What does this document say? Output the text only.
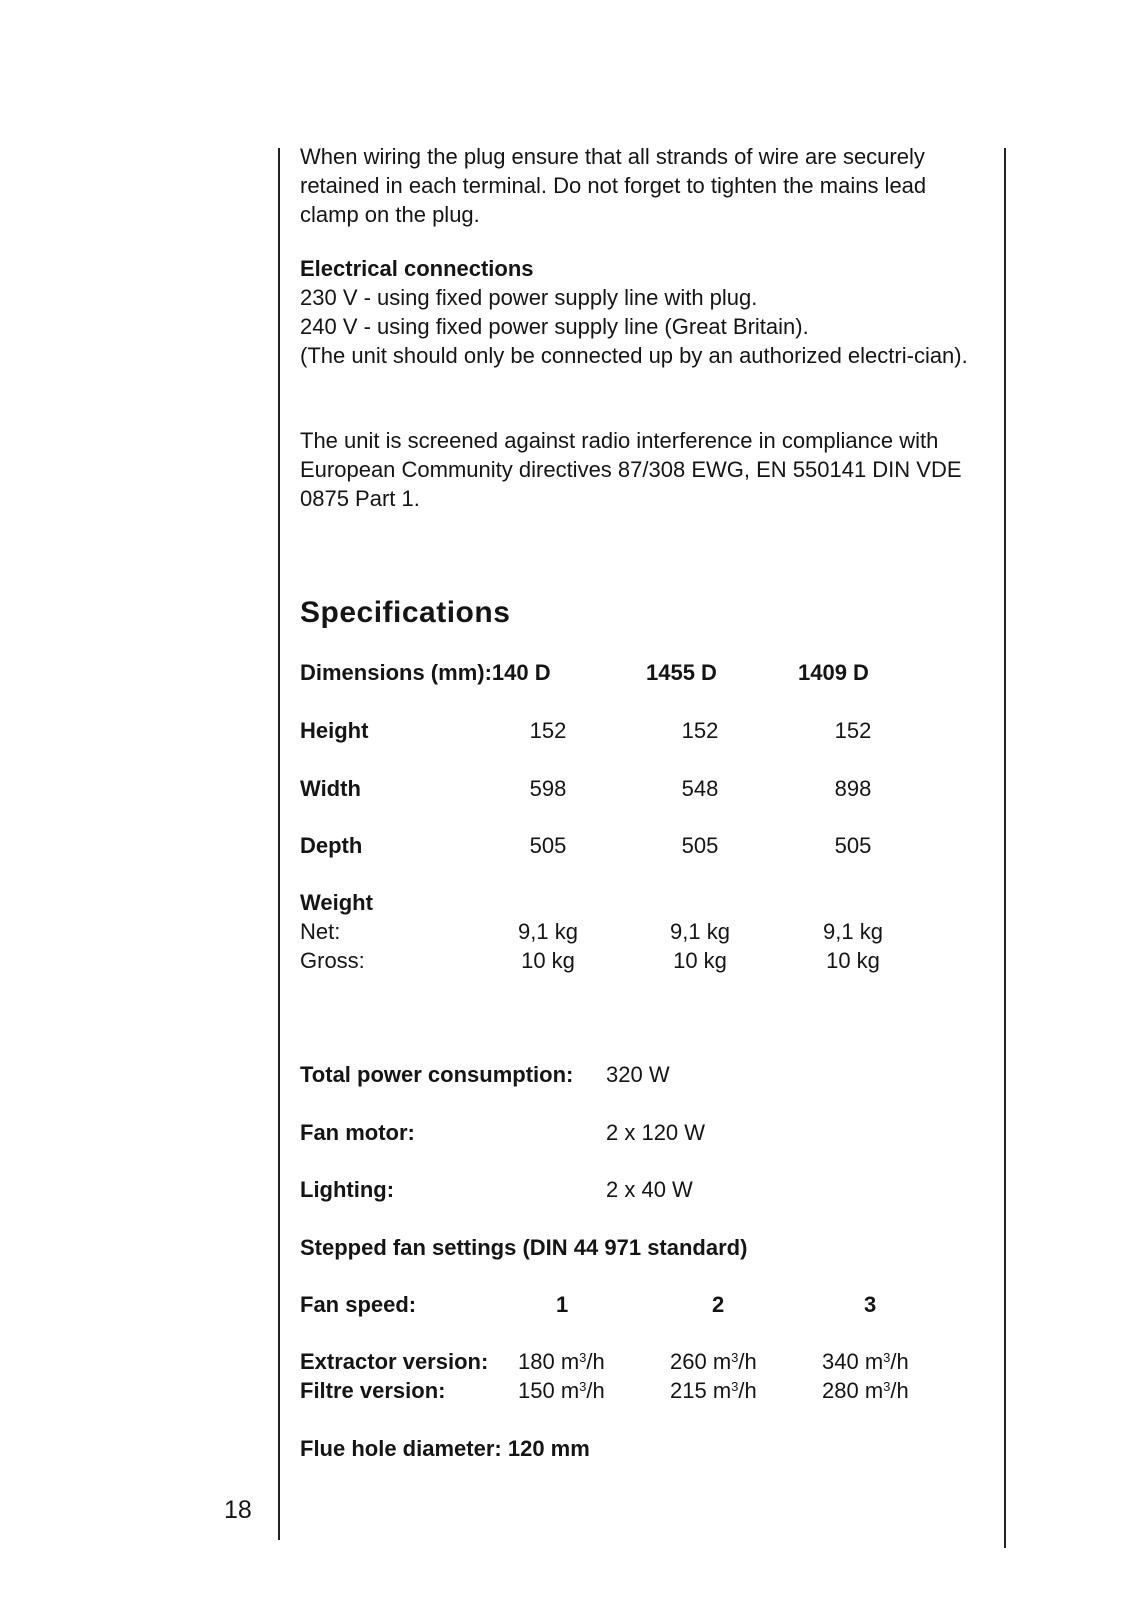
18
When wiring the plug ensure that all strands of wire are securely retained in each terminal. Do not forget to tighten the mains lead clamp on the plug.

Electrical connections

230 V - using fixed power supply line with plug.

240 V - using fixed power supply line (Great Britain).

(The unit should only be connected up by an authorized electri-cian).

The unit is screened against radio interference in compliance with European Community directives 87/308 EWG, EN 550141 DIN VDE 0875 Part 1.
Specifications
Dimensions (mm):140 D	1455 D	1409 D
Height	152	152	152
Width	598	548	898
Depth	505	505	505
Weight
Net:	9,1 kg	9,1 kg	9,1 kg
Gross:	10 kg	10 kg	10 kg
Total power consumption: 320 W
Fan motor:	2 x 120 W
Lighting:	2 x 40 W
Stepped fan settings (DIN 44 971 standard)
Fan speed:	1	2	3
Extractor version: 180 $m^3/h$	260 $m^3/h$	340 $m^3/h$
Filtre version:	150 $m^3/h$	215 $m^3/h$	280 $m^3/h$
Flue hole diameter: 120 mm
